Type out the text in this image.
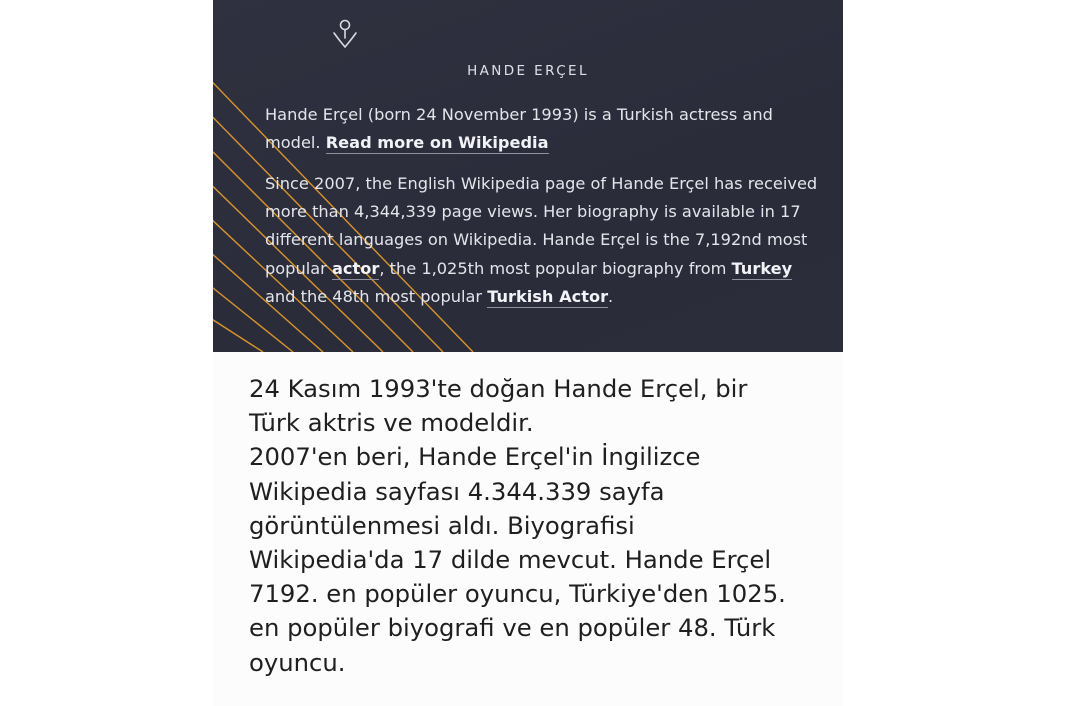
HANDE ERÇEL

Hande Erçel (born 24 November 1993) is a Turkish actress and model. Read more on Wikipedia

Since 2007, the English Wikipedia page of Hande Erçel has received more than 4,344,339 page views. Her biography is available in 17 different languages on Wikipedia. Hande Erçel is the 7,192nd most popular actor, the 1,025th most popular biography from Turkey and the 48th most popular Turkish Actor.

24 Kasım 1993'te doğan Hande Erçel, bir
Türk aktris ve modeldir.
2007'en beri, Hande Erçel'in İngilizce
Wikipedia sayfası 4.344.339 sayfa
görüntülenmesi aldı. Biyografisi
Wikipedia'da 17 dilde mevcut. Hande Erçel
7192. en popüler oyuncu, Türkiye'den 1025.
en popüler biyografi ve en popüler 48. Türk
oyuncu.
